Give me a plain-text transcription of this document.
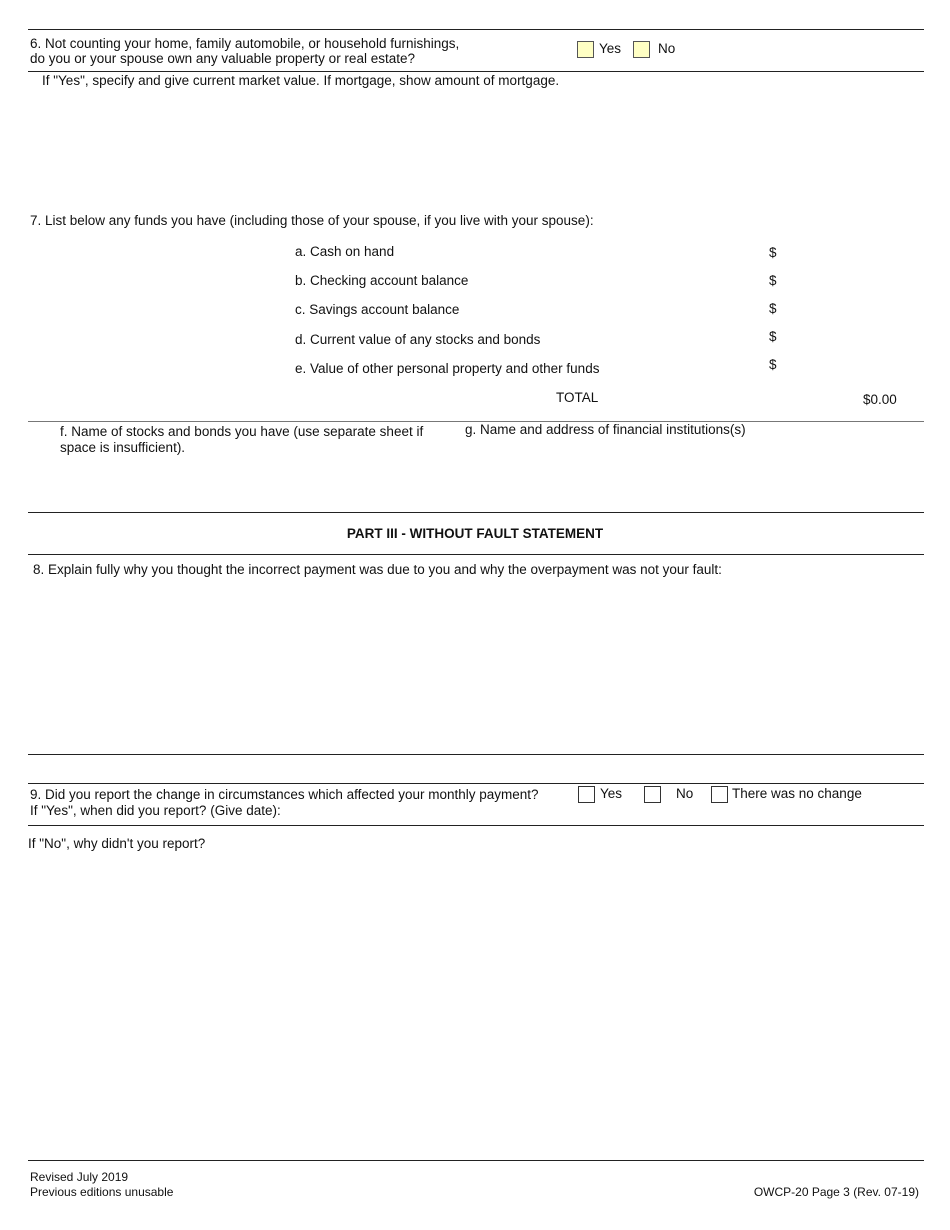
6. Not counting your home, family automobile, or household furnishings,
do you or your spouse own any valuable property or real estate?
Yes	No
If "Yes", specify and give current market value. If mortgage, show amount of mortgage.
7. List below any funds you have (including those of your spouse, if you live with your spouse):
a. Cash on hand	$
b. Checking account balance	$
c. Savings account balance	$
d. Current value of any stocks and bonds	$
e. Value of other personal property and other funds	$
TOTAL	$0.00
f. Name of stocks and bonds you have (use separate sheet if
space is insufficient).
g. Name and address of financial institutions(s)
PART III - WITHOUT FAULT STATEMENT
8. Explain fully why you thought the incorrect payment was due to you and why the overpayment was not your fault:
9. Did you report the change in circumstances which affected your monthly payment?
If "Yes", when did you report? (Give date):
Yes	No	There was no change
If "No", why didn't you report?
Revised July 2019
Previous editions unusable	OWCP-20 Page 3 (Rev. 07-19)
